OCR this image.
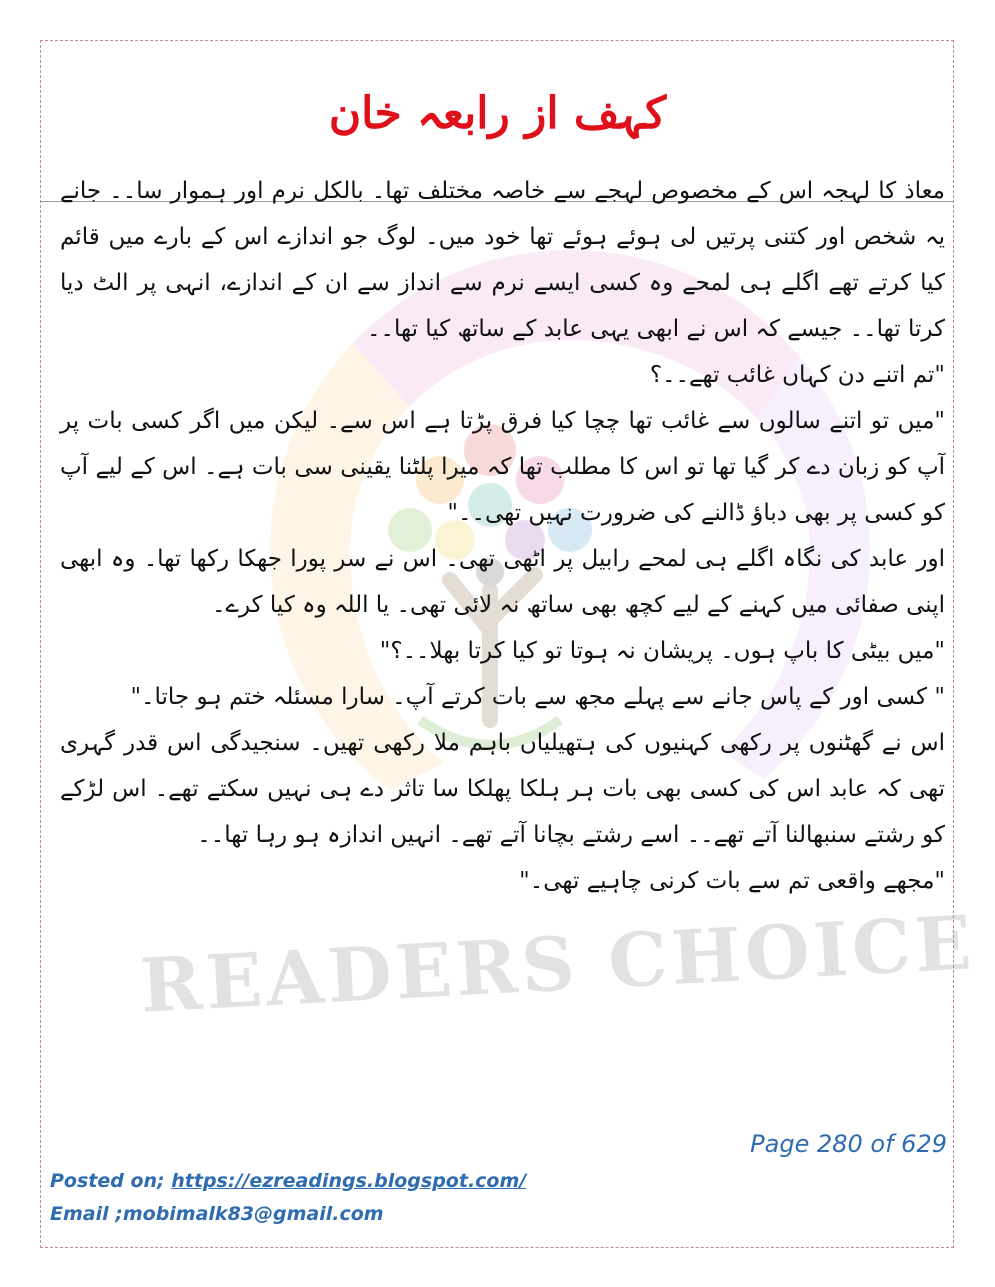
READERS CHOICE
کہف از رابعہ خان

معاذ کا لہجہ اس کے مخصوص لہجے سے خاصہ مختلف تھا۔ بالکل نرم اور ہموار سا۔۔ جانے یہ شخص اور کتنی پرتیں لی ہوئے ہوئے تھا خود میں۔ لوگ جو اندازے اس کے بارے میں قائم کیا کرتے تھے اگلے ہی لمحے وہ کسی ایسے نرم سے انداز سے ان کے اندازے، انہی پر الٹ دیا کرتا تھا۔۔ جیسے کہ اس نے ابھی یہی عابد کے ساتھ کیا تھا۔۔

"تم اتنے دن کہاں غائب تھے۔۔؟

"میں تو اتنے سالوں سے غائب تھا چچا کیا فرق پڑتا ہے اس سے۔ لیکن میں اگر کسی بات پر آپ کو زبان دے کر گیا تھا تو اس کا مطلب تھا کہ میرا پلٹنا یقینی سی بات ہے۔ اس کے لیے آپ کو کسی پر بھی دباؤ ڈالنے کی ضرورت نہیں تھی۔۔"

اور عابد کی نگاہ اگلے ہی لمحے رابیل پر اٹھی تھی۔ اس نے سر پورا جھکا رکھا تھا۔ وہ ابھی اپنی صفائی میں کہنے کے لیے کچھ بھی ساتھ نہ لائی تھی۔ یا اللہ وہ کیا کرے۔

"میں بیٹی کا باپ ہوں۔ پریشان نہ ہوتا تو کیا کرتا بھلا۔۔؟"

" کسی اور کے پاس جانے سے پہلے مجھ سے بات کرتے آپ۔ سارا مسئلہ ختم ہو جاتا۔"

اس نے گھٹنوں پر رکھی کہنیوں کی ہتھیلیاں باہم ملا رکھی تھیں۔ سنجیدگی اس قدر گہری تھی کہ عابد اس کی کسی بھی بات ہر ہلکا پھلکا سا تاثر دے ہی نہیں سکتے تھے۔ اس لڑکے کو رشتے سنبھالنا آتے تھے۔۔ اسے رشتے بچانا آتے تھے۔ انہیں اندازہ ہو رہا تھا۔۔

"مجھے واقعی تم سے بات کرنی چاہیے تھی۔"

Page 280 of 629
Posted on; https://ezreadings.blogspot.com/
Email ;mobimalk83@gmail.com
